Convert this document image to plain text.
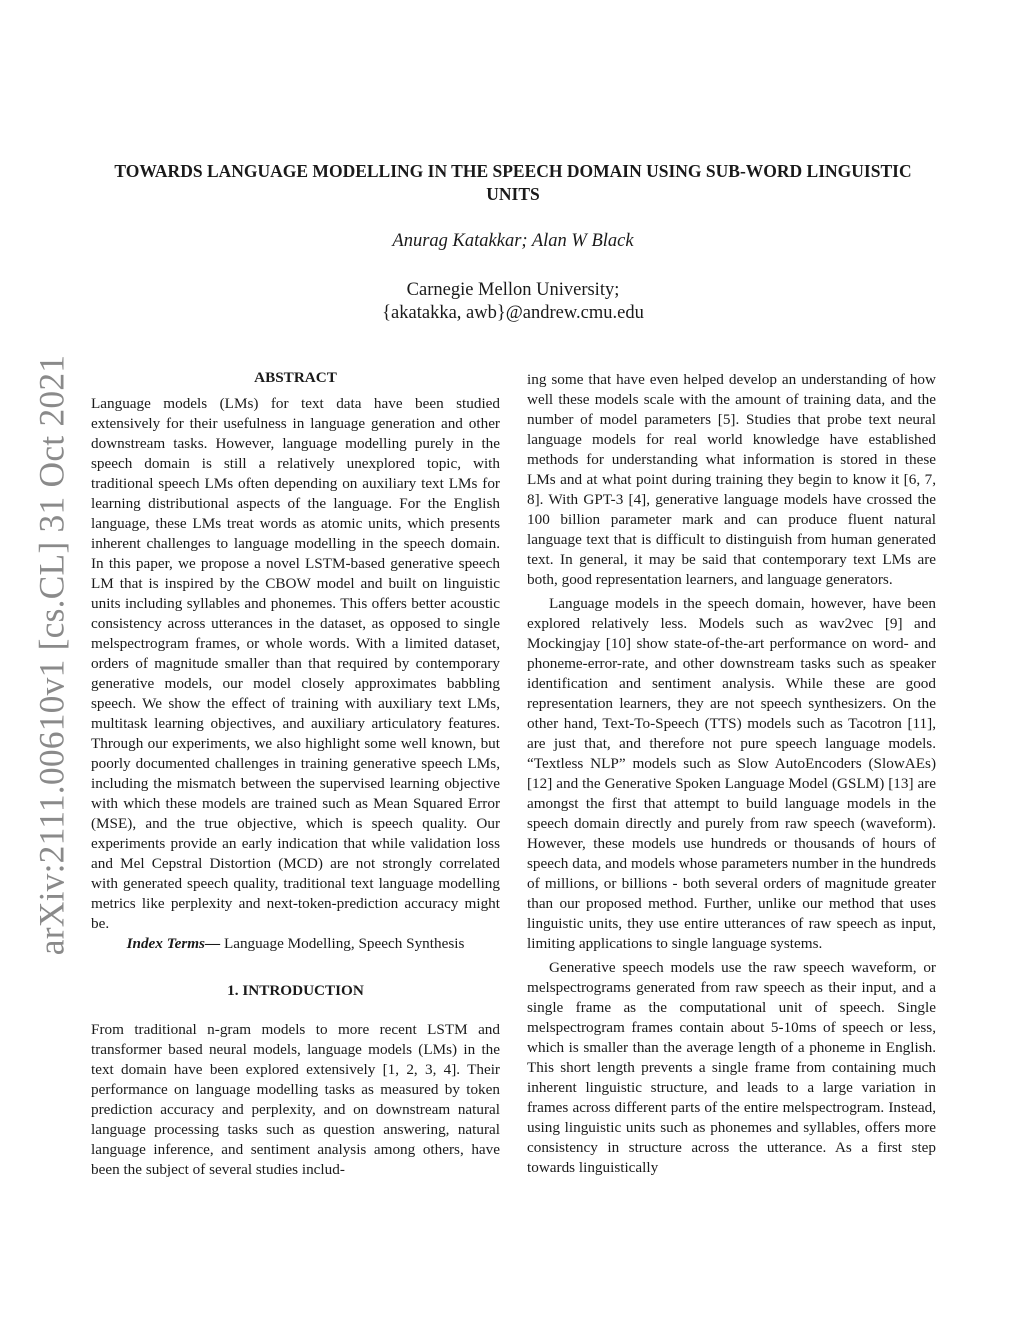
arXiv:2111.00610v1 [cs.CL] 31 Oct 2021
TOWARDS LANGUAGE MODELLING IN THE SPEECH DOMAIN USING SUB-WORD LINGUISTIC UNITS
Anurag Katakkar; Alan W Black
Carnegie Mellon University;
{akatakka, awb}@andrew.cmu.edu
ABSTRACT

Language models (LMs) for text data have been studied extensively for their usefulness in language generation and other downstream tasks. However, language modelling purely in the speech domain is still a relatively unexplored topic, with traditional speech LMs often depending on auxiliary text LMs for learning distributional aspects of the language. For the English language, these LMs treat words as atomic units, which presents inherent challenges to language modelling in the speech domain. In this paper, we propose a novel LSTM-based generative speech LM that is inspired by the CBOW model and built on linguistic units including syllables and phonemes. This offers better acoustic consistency across utterances in the dataset, as opposed to single melspectrogram frames, or whole words. With a limited dataset, orders of magnitude smaller than that required by contemporary generative models, our model closely approximates babbling speech. We show the effect of training with auxiliary text LMs, multitask learning objectives, and auxiliary articulatory features. Through our experiments, we also highlight some well known, but poorly documented challenges in training generative speech LMs, including the mismatch between the supervised learning objective with which these models are trained such as Mean Squared Error (MSE), and the true objective, which is speech quality. Our experiments provide an early indication that while validation loss and Mel Cepstral Distortion (MCD) are not strongly correlated with generated speech quality, traditional text language modelling metrics like perplexity and next-token-prediction accuracy might be.

Index Terms— Language Modelling, Speech Synthesis

1. INTRODUCTION

From traditional n-gram models to more recent LSTM and transformer based neural models, language models (LMs) in the text domain have been explored extensively [1, 2, 3, 4]. Their performance on language modelling tasks as measured by token prediction accuracy and perplexity, and on downstream natural language processing tasks such as question answering, natural language inference, and sentiment analysis among others, have been the subject of several studies includ-

ing some that have even helped develop an understanding of how well these models scale with the amount of training data, and the number of model parameters [5]. Studies that probe text neural language models for real world knowledge have established methods for understanding what information is stored in these LMs and at what point during training they begin to know it [6, 7, 8]. With GPT-3 [4], generative language models have crossed the 100 billion parameter mark and can produce fluent natural language text that is difficult to distinguish from human generated text. In general, it may be said that contemporary text LMs are both, good representation learners, and language generators.

Language models in the speech domain, however, have been explored relatively less. Models such as wav2vec [9] and Mockingjay [10] show state-of-the-art performance on word- and phoneme-error-rate, and other downstream tasks such as speaker identification and sentiment analysis. While these are good representation learners, they are not speech synthesizers. On the other hand, Text-To-Speech (TTS) models such as Tacotron [11], are just that, and therefore not pure speech language models. “Textless NLP” models such as Slow AutoEncoders (SlowAEs) [12] and the Generative Spoken Language Model (GSLM) [13] are amongst the first that attempt to build language models in the speech domain directly and purely from raw speech (waveform). However, these models use hundreds or thousands of hours of speech data, and models whose parameters number in the hundreds of millions, or billions - both several orders of magnitude greater than our proposed method. Further, unlike our method that uses linguistic units, they use entire utterances of raw speech as input, limiting applications to single language systems.

Generative speech models use the raw speech waveform, or melspectrograms generated from raw speech as their input, and a single frame as the computational unit of speech. Single melspectrogram frames contain about 5-10ms of speech or less, which is smaller than the average length of a phoneme in English. This short length prevents a single frame from containing much inherent linguistic structure, and leads to a large variation in frames across different parts of the entire melspectrogram. Instead, using linguistic units such as phonemes and syllables, offers more consistency in structure across the utterance. As a first step towards linguistically
